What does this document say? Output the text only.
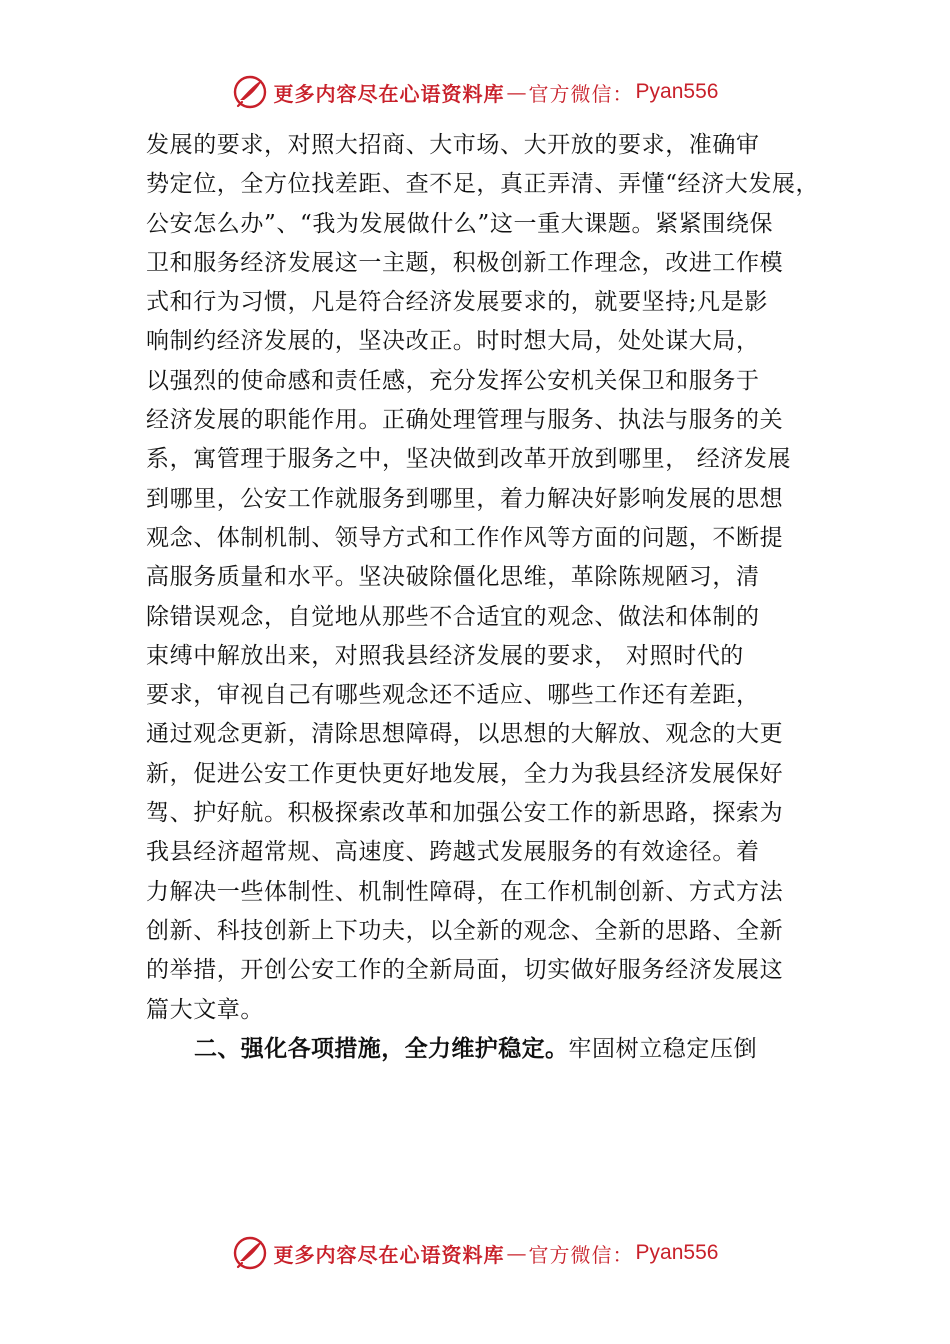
更多内容尽在心语资料库 — 官方微信： Pyan556
发展的要求，对照大招商、大市场、大开放的要求，准确审
势定位，全方位找差距、查不足，真正弄清、弄懂“经济大发展，
公安怎么办”、“我为发展做什么”这一重大课题。紧紧围绕保
卫和服务经济发展这一主题，积极创新工作理念，改进工作模
式和行为习惯，凡是符合经济发展要求的，就要坚持;凡是影
响制约经济发展的，坚决改正。时时想大局，处处谋大局，
以强烈的使命感和责任感，充分发挥公安机关保卫和服务于
经济发展的职能作用。正确处理管理与服务、执法与服务的关
系，寓管理于服务之中，坚决做到改革开放到哪里， 经济发展
到哪里，公安工作就服务到哪里，着力解决好影响发展的思想
观念、体制机制、领导方式和工作作风等方面的问题，不断提
高服务质量和水平。坚决破除僵化思维，革除陈规陋习，清
除错误观念，自觉地从那些不合适宜的观念、做法和体制的
束缚中解放出来，对照我县经济发展的要求， 对照时代的
要求，审视自己有哪些观念还不适应、哪些工作还有差距，
通过观念更新，清除思想障碍，以思想的大解放、观念的大更
新，促进公安工作更快更好地发展，全力为我县经济发展保好
驾、护好航。积极探索改革和加强公安工作的新思路，探索为
我县经济超常规、高速度、跨越式发展服务的有效途径。着
力解决一些体制性、机制性障碍，在工作机制创新、方式方法
创新、科技创新上下功夫，以全新的观念、全新的思路、全新
的举措，开创公安工作的全新局面，切实做好服务经济发展这
篇大文章。
二、强化各项措施，全力维护稳定。牢固树立稳定压倒
更多内容尽在心语资料库 — 官方微信： Pyan556
